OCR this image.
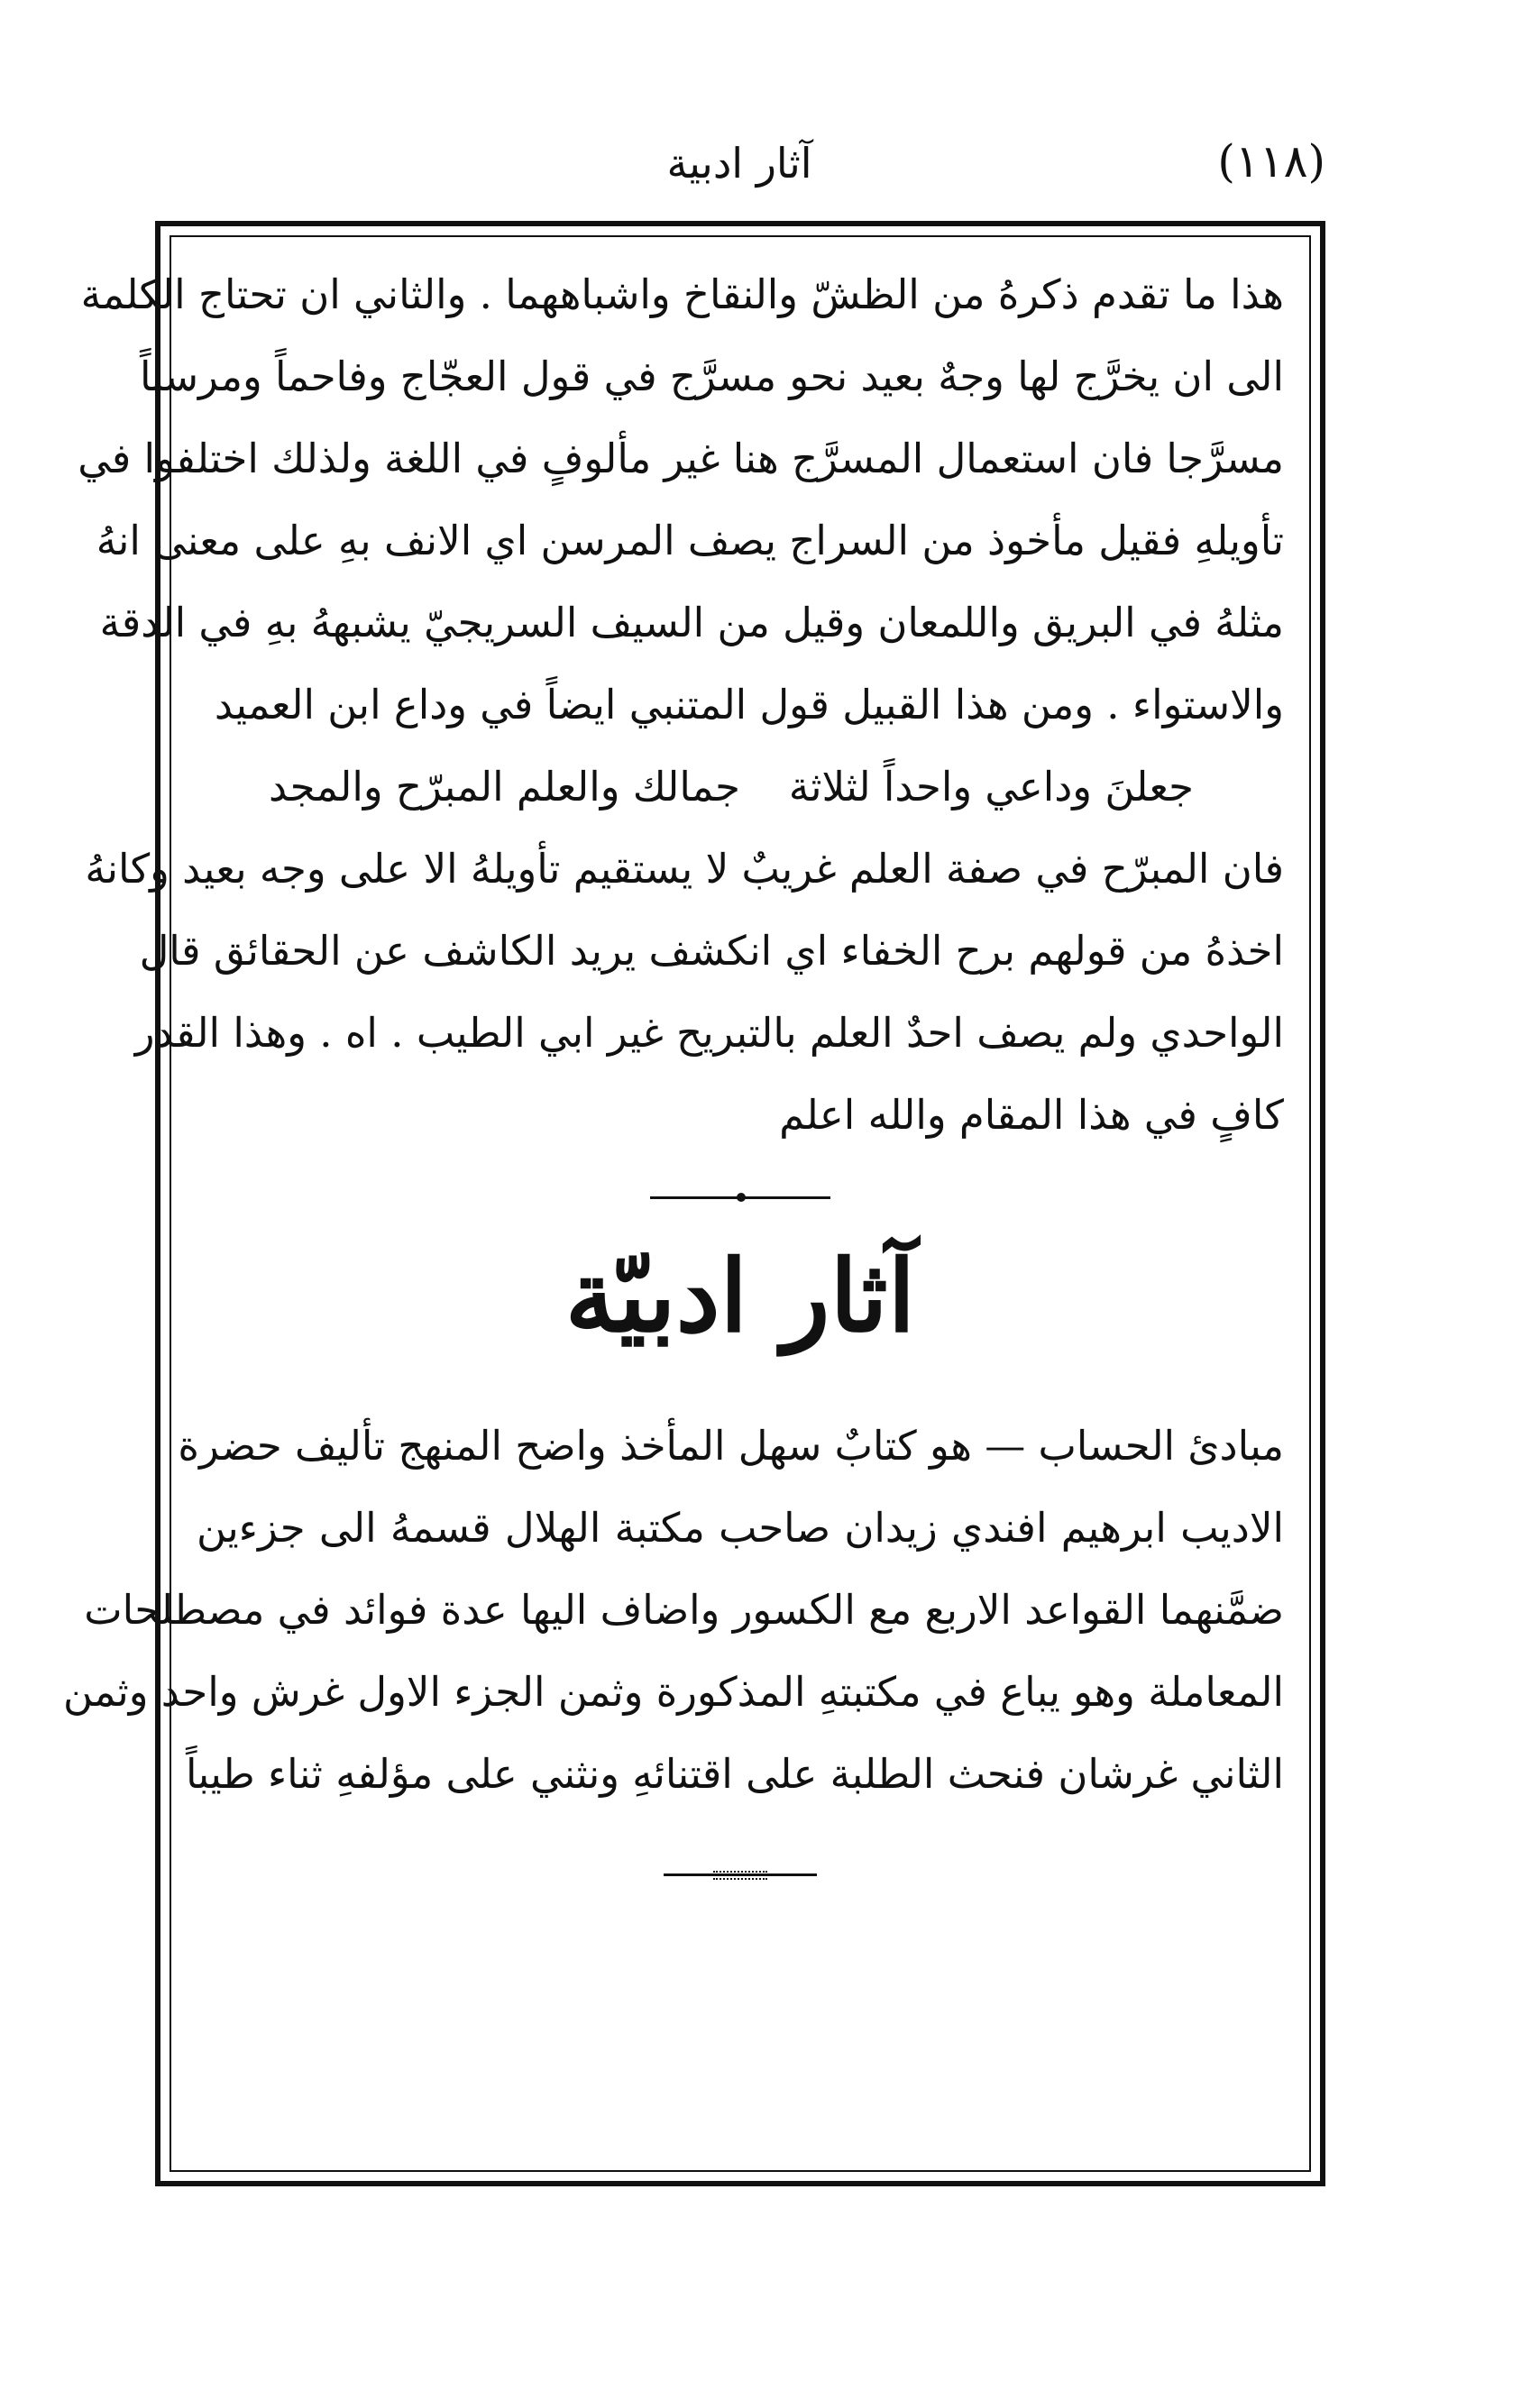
(١١٨)
آثار ادبية
هذا ما تقدم ذكرهُ من الظشّ والنقاخ واشباههما . والثاني ان تحتاج الكلمة
الى ان يخرَّج لها وجهٌ بعيد نحو مسرَّج في قول العجّاج وفاحماً ومرسناً
مسرَّجا فان استعمال المسرَّج هنا غير مألوفٍ في اللغة ولذلك اختلفوا في
تأويلهِ فقيل مأخوذ من السراج يصف المرسن اي الانف بهِ على معنى انهُ
مثلهُ في البريق واللمعان وقيل من السيف السريجيّ يشبههُ بهِ في الدقة
والاستواء . ومن هذا القبيل قول المتنبي ايضاً في وداع ابن العميد
جعلنَ وداعي واحداً لثلاثة
جمالك والعلم المبرّح والمجد
فان المبرّح في صفة العلم غريبٌ لا يستقيم تأويلهُ الا على وجه بعيد وكانهُ
اخذهُ من قولهم برح الخفاء اي انكشف يريد الكاشف عن الحقائق قال
الواحدي ولم يصف احدٌ العلم بالتبريح غير ابي الطيب . اه . وهذا القدر
كافٍ في هذا المقام والله اعلم
آثار ادبيّة
مبادئ الحساب — هو كتابٌ سهل المأخذ واضح المنهج تأليف حضرة
الاديب ابرهيم افندي زيدان صاحب مكتبة الهلال قسمهُ الى جزءين
ضمَّنهما القواعد الاربع مع الكسور واضاف اليها عدة فوائد في مصطلحات
المعاملة وهو يباع في مكتبتهِ المذكورة وثمن الجزء الاول غرش واحد وثمن
الثاني غرشان فنحث الطلبة على اقتنائهِ ونثني على مؤلفهِ ثناء طيباً
